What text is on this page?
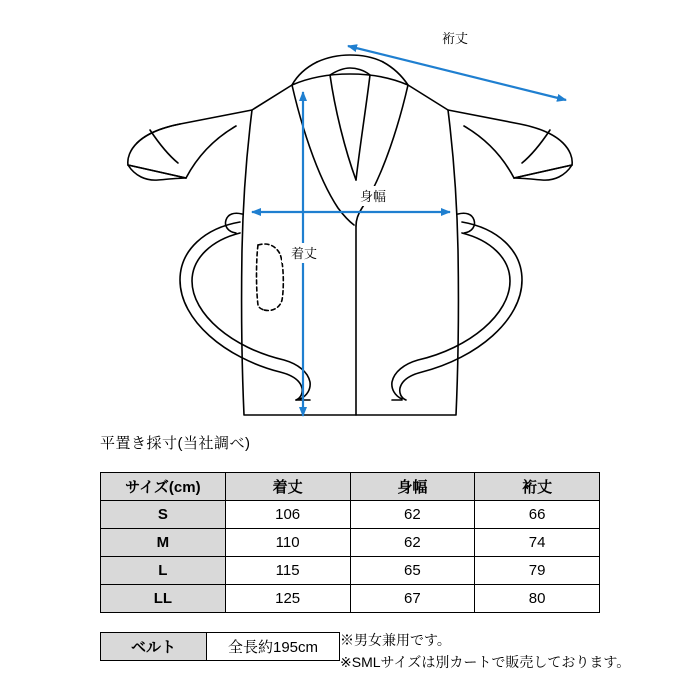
裄丈
身幅
着丈
平置き採寸(当社調べ)
サイズ(cm)	着丈	身幅	裄丈
S	106	62	66
M	110	62	74
L	115	65	79
LL	125	67	80
ベルト	全長約195cm ※男女兼用です。
※SMLサイズは別カートで販売しております。
